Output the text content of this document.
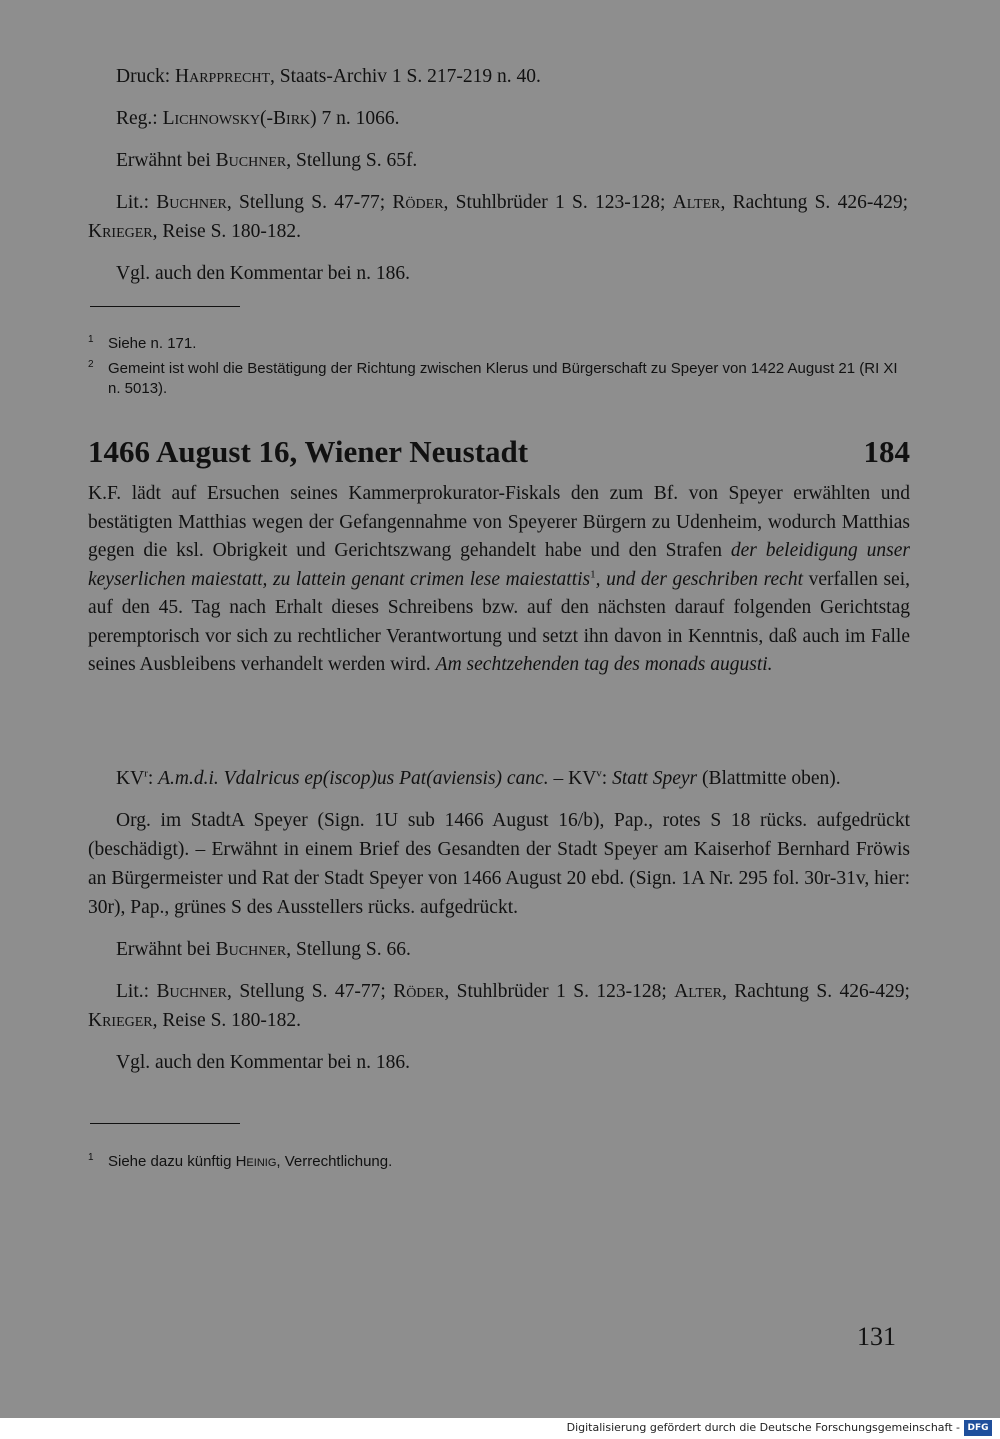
Druck: Harpprecht, Staats-Archiv 1 S. 217-219 n. 40.

Reg.: Lichnowsky(-Birk) 7 n. 1066.

Erwähnt bei Buchner, Stellung S. 65f.

Lit.: Buchner, Stellung S. 47-77; Röder, Stuhlbrüder 1 S. 123-128; Alter, Rachtung S. 426-429; Krieger, Reise S. 180-182.

Vgl. auch den Kommentar bei n. 186.

1 Siehe n. 171.
2 Gemeint ist wohl die Bestätigung der Richtung zwischen Klerus und Bürgerschaft zu Speyer von 1422 August 21 (RI XI n. 5013).
1466 August 16, Wiener Neustadt	184

K.F. lädt auf Ersuchen seines Kammerprokurator-Fiskals den zum Bf. von Speyer erwählten und bestätigten Matthias wegen der Gefangennahme von Speyerer Bürgern zu Udenheim, wodurch Matthias gegen die ksl. Obrigkeit und Gerichtszwang gehandelt habe und den Strafen der beleidigung unser keyserlichen maiestatt, zu lattein genant crimen lese maiestattis$^1$, und der geschriben recht verfallen sei, auf den 45. Tag nach Erhalt dieses Schreibens bzw. auf den nächsten darauf folgenden Gerichtstag peremptorisch vor sich zu rechtlicher Verantwortung und setzt ihn davon in Kenntnis, daß auch im Falle seines Ausbleibens verhandelt werden wird. Am sechtzehenden tag des monads augusti.

$KV^r$: A.m.d.i. Vdalricus ep(iscop)us Pat(aviensis) canc. – $KV^v$: Statt Speyr (Blattmitte oben).

Org. im StadtA Speyer (Sign. 1U sub 1466 August 16/b), Pap., rotes S 18 rücks. aufgedrückt (beschädigt). – Erwähnt in einem Brief des Gesandten der Stadt Speyer am Kaiserhof Bernhard Fröwis an Bürgermeister und Rat der Stadt Speyer von 1466 August 20 ebd. (Sign. 1A Nr. 295 fol. 30r-31v, hier: 30r), Pap., grünes S des Ausstellers rücks. aufgedrückt.

Erwähnt bei Buchner, Stellung S. 66.

Lit.: Buchner, Stellung S. 47-77; Röder, Stuhlbrüder 1 S. 123-128; Alter, Rachtung S. 426-429; Krieger, Reise S. 180-182.

Vgl. auch den Kommentar bei n. 186.

1 Siehe dazu künftig Heinig, Verrechtlichung.
131
Digitalisierung gefördert durch die Deutsche Forschungsgemeinschaft - DFG
